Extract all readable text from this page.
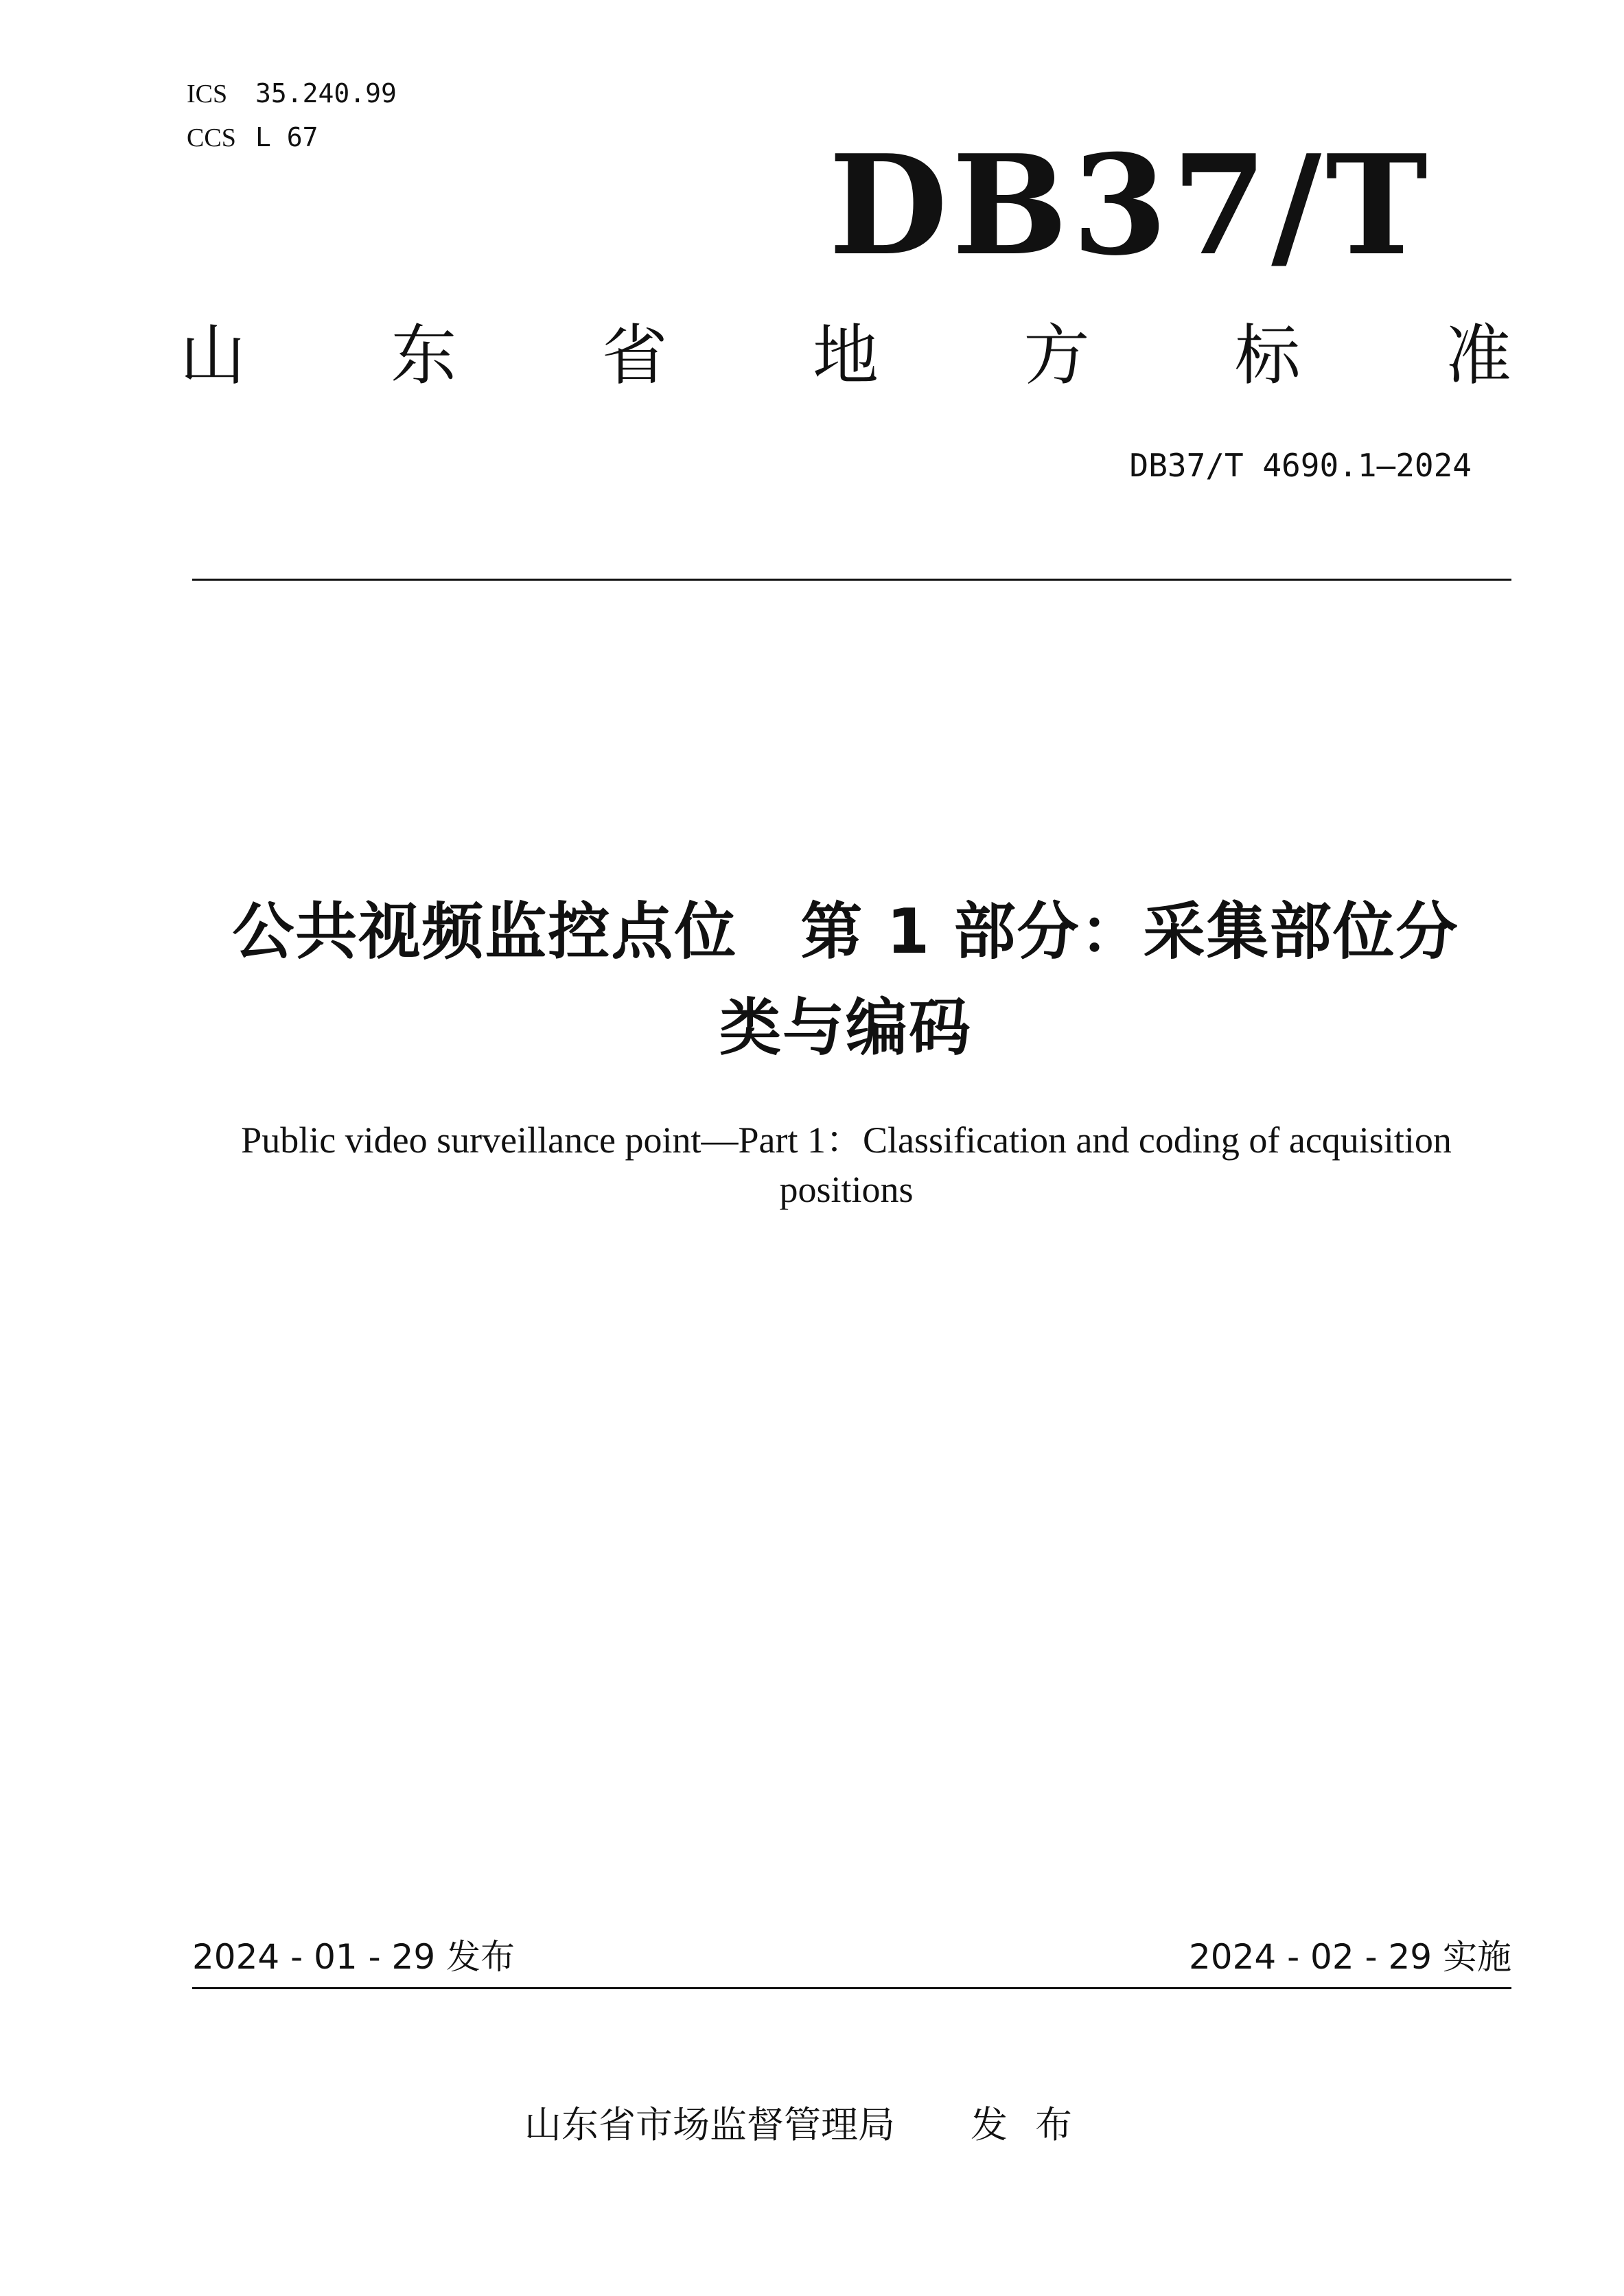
ICS 35.240.99
CCS L 67	DB37/T
山 东 省 地 方 标 准
DB37/T 4690.1—2024
公共视频监控点位　第 1 部分：采集部位分
类与编码
Public video surveillance point—Part 1：Classification and coding of acquisition
positions
2024 - 01 - 29 发布	2024 - 02 - 29 实施
山东省市场监督管理局 发布
